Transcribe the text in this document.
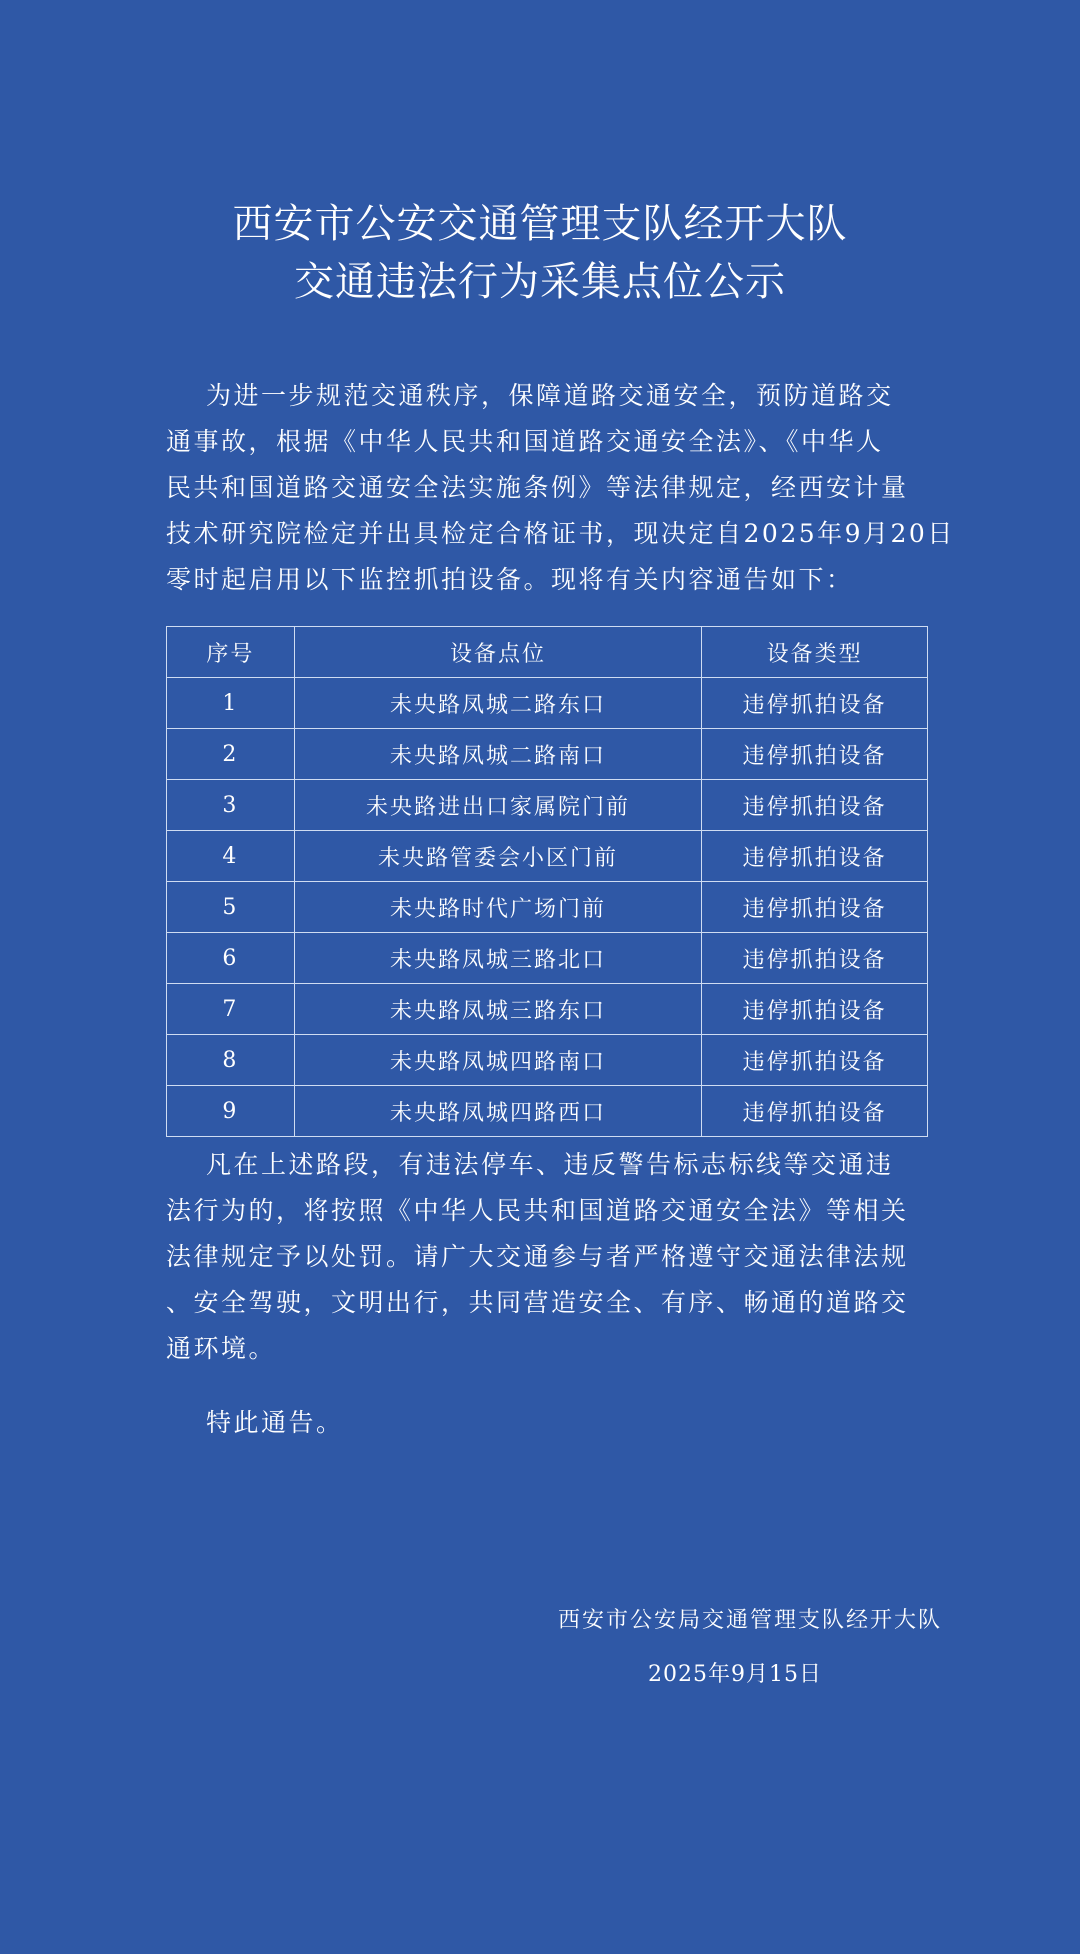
西安市公安交通管理支队经开大队
交通违法行为采集点位公示
为进一步规范交通秩序，保障道路交通安全，预防道路交
通事故，根据《中华人民共和国道路交通安全法》、《中华人
民共和国道路交通安全法实施条例》等法律规定，经西安计量
技术研究院检定并出具检定合格证书，现决定自2025年9月20日
零时起启用以下监控抓拍设备。现将有关内容通告如下：
序号	设备点位	设备类型
1	未央路凤城二路东口	违停抓拍设备
2	未央路凤城二路南口	违停抓拍设备
3	未央路进出口家属院门前	违停抓拍设备
4	未央路管委会小区门前	违停抓拍设备
5	未央路时代广场门前	违停抓拍设备
6	未央路凤城三路北口	违停抓拍设备
7	未央路凤城三路东口	违停抓拍设备
8	未央路凤城四路南口	违停抓拍设备
9	未央路凤城四路西口	违停抓拍设备
凡在上述路段，有违法停车、违反警告标志标线等交通违
法行为的，将按照《中华人民共和国道路交通安全法》等相关
法律规定予以处罚。请广大交通参与者严格遵守交通法律法规
、安全驾驶，文明出行，共同营造安全、有序、畅通的道路交
通环境。
特此通告。
西安市公安局交通管理支队经开大队
2025年9月15日
